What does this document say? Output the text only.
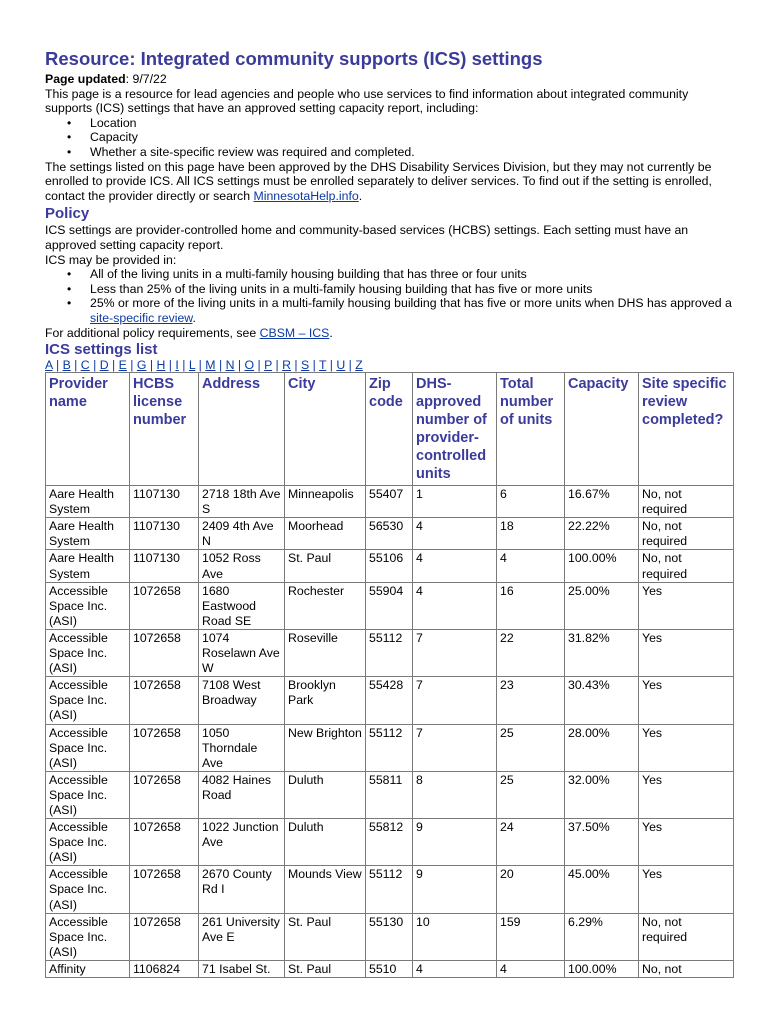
Resource: Integrated community supports (ICS) settings

Page updated: 9/7/22

This page is a resource for lead agencies and people who use services to find information about integrated community supports (ICS) settings that have an approved setting capacity report, including:

• Location
• Capacity
• Whether a site-specific review was required and completed.

The settings listed on this page have been approved by the DHS Disability Services Division, but they may not currently be enrolled to provide ICS. All ICS settings must be enrolled separately to deliver services. To find out if the setting is enrolled, contact the provider directly or search MinnesotaHelp.info.

Policy

ICS settings are provider-controlled home and community-based services (HCBS) settings. Each setting must have an approved setting capacity report.

ICS may be provided in:

• All of the living units in a multi-family housing building that has three or four units
• Less than 25% of the living units in a multi-family housing building that has five or more units
• 25% or more of the living units in a multi-family housing building that has five or more units when DHS has approved a site-specific review.

For additional policy requirements, see CBSM – ICS.

ICS settings list

A | B | C | D | E | G | H | I | L | M | N | O | P | R | S | T | U | Z

Provider name	HCBS license number	Address	City	Zip code	DHS-approved number of provider-controlled units	Total number of units	Capacity	Site specific review completed?
Aare Health System	1107130	2718 18th Ave S	Minneapolis	55407	1	6	16.67%	No, not required
Aare Health System	1107130	2409 4th Ave N	Moorhead	56530	4	18	22.22%	No, not required
Aare Health System	1107130	1052 Ross Ave	St. Paul	55106	4	4	100.00%	No, not required
Accessible Space Inc. (ASI)	1072658	1680 Eastwood Road SE	Rochester	55904	4	16	25.00%	Yes
Accessible Space Inc. (ASI)	1072658	1074 Roselawn Ave W	Roseville	55112	7	22	31.82%	Yes
Accessible Space Inc. (ASI)	1072658	7108 West Broadway	Brooklyn Park	55428	7	23	30.43%	Yes
Accessible Space Inc. (ASI)	1072658	1050 Thorndale Ave	New Brighton	55112	7	25	28.00%	Yes
Accessible Space Inc. (ASI)	1072658	4082 Haines Road	Duluth	55811	8	25	32.00%	Yes
Accessible Space Inc. (ASI)	1072658	1022 Junction Ave	Duluth	55812	9	24	37.50%	Yes
Accessible Space Inc. (ASI)	1072658	2670 County Rd I	Mounds View	55112	9	20	45.00%	Yes
Accessible Space Inc. (ASI)	1072658	261 University Ave E	St. Paul	55130	10	159	6.29%	No, not required
Affinity	1106824	71 Isabel St.	St. Paul	5510	4	4	100.00%	No, not
